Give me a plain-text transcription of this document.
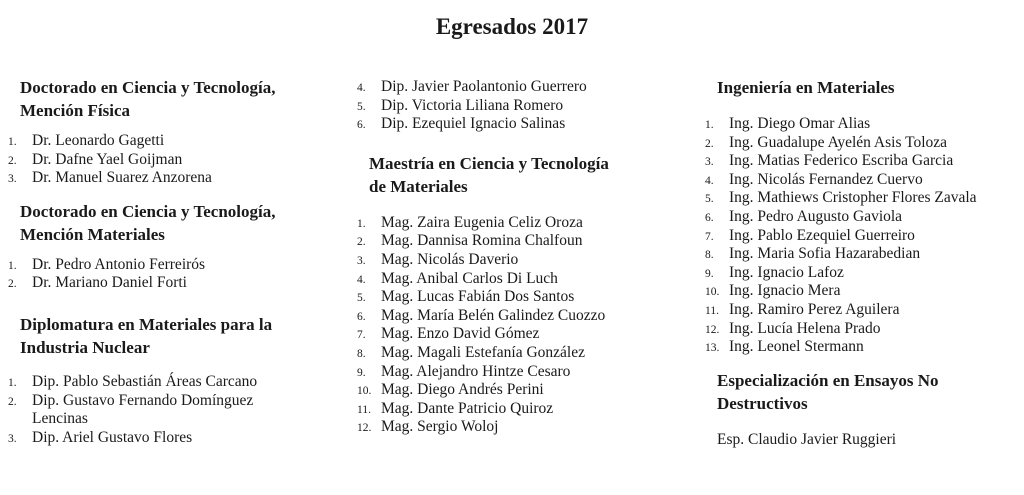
Egresados 2017
Doctorado en Ciencia y Tecnología,
Mención Física
1. Dr. Leonardo Gagetti
2. Dr. Dafne Yael Goijman
3. Dr. Manuel Suarez Anzorena
Doctorado en Ciencia y Tecnología,
Mención Materiales
1. Dr. Pedro Antonio Ferreirós
2. Dr. Mariano Daniel Forti
Diplomatura en Materiales para la
Industria Nuclear
1. Dip. Pablo Sebastián Áreas Carcano
2. Dip. Gustavo Fernando Domínguez Lencinas
3. Dip. Ariel Gustavo Flores
4. Dip. Javier Paolantonio Guerrero
5. Dip. Victoria Liliana Romero
6. Dip. Ezequiel Ignacio Salinas
Maestría en Ciencia y Tecnología
de Materiales
1. Mag. Zaira Eugenia Celiz Oroza
2. Mag. Dannisa Romina Chalfoun
3. Mag. Nicolás Daverio
4. Mag. Anibal Carlos Di Luch
5. Mag. Lucas Fabián Dos Santos
6. Mag. María Belén Galindez Cuozzo
7. Mag. Enzo David Gómez
8. Mag. Magali Estefanía González
9. Mag. Alejandro Hintze Cesaro
10. Mag. Diego Andrés Perini
11. Mag. Dante Patricio Quiroz
12. Mag. Sergio Woloj
Ingeniería en Materiales
1. Ing. Diego Omar Alias
2. Ing. Guadalupe Ayelén Asis Toloza
3. Ing. Matias Federico Escriba Garcia
4. Ing. Nicolás Fernandez Cuervo
5. Ing. Mathiews Cristopher Flores Zavala
6. Ing. Pedro Augusto Gaviola
7. Ing. Pablo Ezequiel Guerreiro
8. Ing. Maria Sofia Hazarabedian
9. Ing. Ignacio Lafoz
10. Ing. Ignacio Mera
11. Ing. Ramiro Perez Aguilera
12. Ing. Lucía Helena Prado
13. Ing. Leonel Stermann
Especialización en Ensayos No
Destructivos
Esp. Claudio Javier Ruggieri
